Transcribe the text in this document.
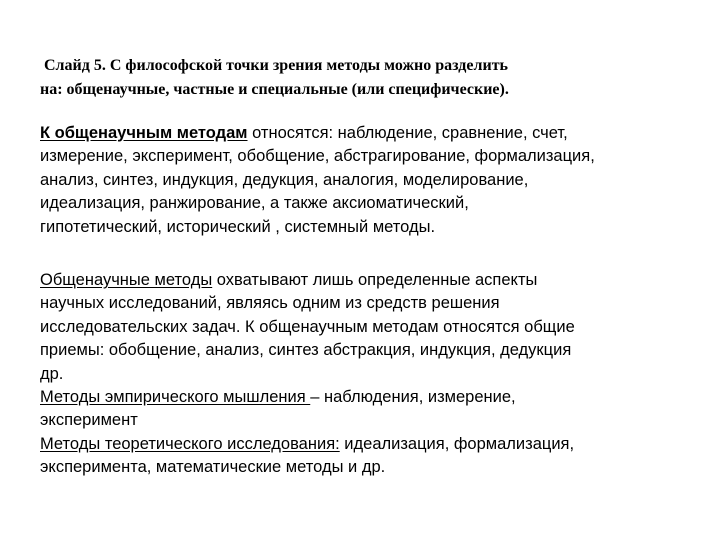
Слайд 5. С философской точки зрения методы можно разделить
на: общенаучные, частные и специальные (или специфические).
К общенаучным методам относятся: наблюдение, сравнение, счет,
измерение, эксперимент, обобщение, абстрагирование, формализация,
анализ, синтез, индукция, дедукция, аналогия, моделирование,
идеализация, ранжирование, а также аксиоматический,
гипотетический, исторический , системный методы.
Общенаучные методы охватывают лишь определенные аспекты
научных исследований, являясь одним из средств решения
исследовательских задач. К общенаучным методам относятся общие
приемы: обобщение, анализ, синтез абстракция, индукция, дедукция
др.
Методы эмпирического мышления – наблюдения, измерение,
эксперимент
Методы теоретического исследования: идеализация, формализация,
эксперимента, математические методы и др.
